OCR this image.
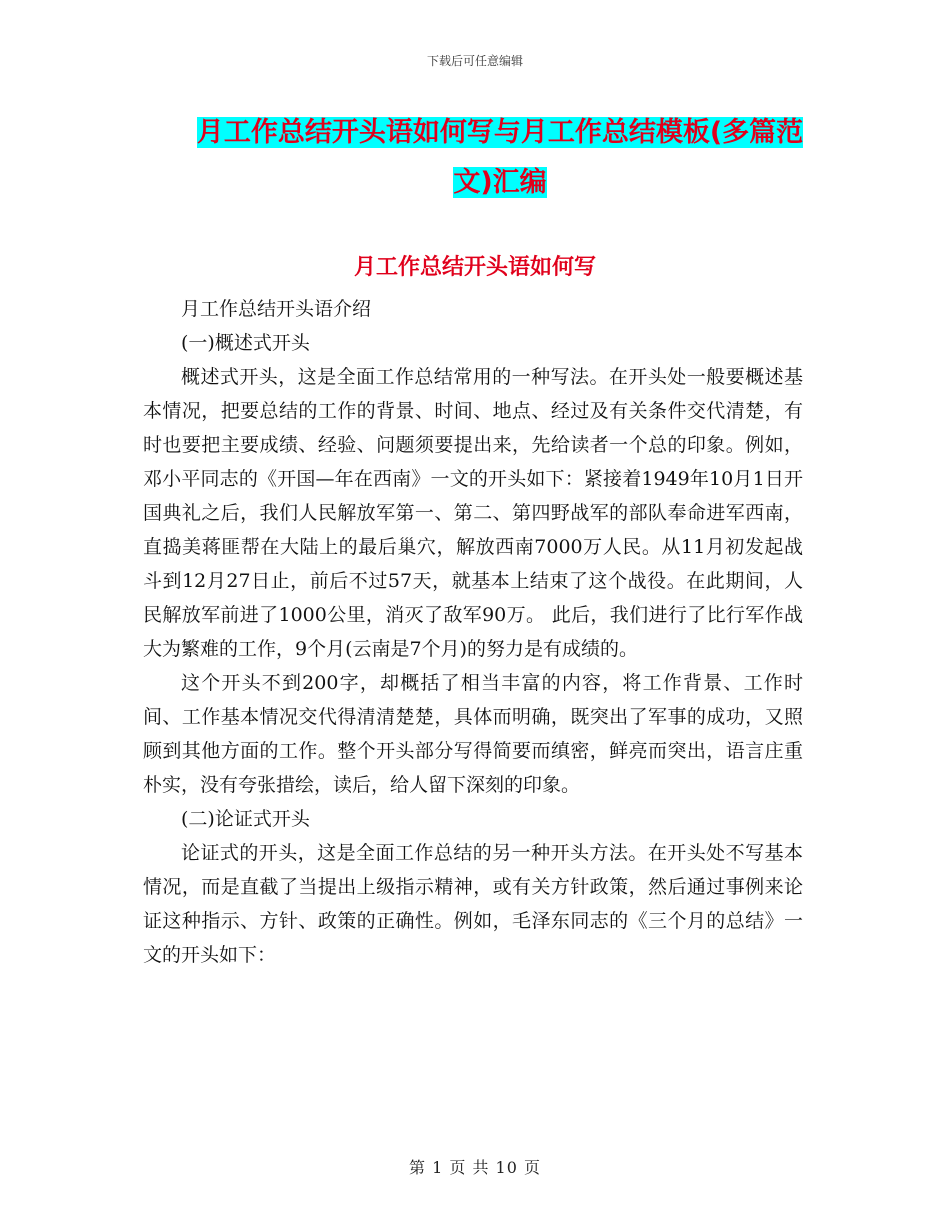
下载后可任意编辑
月工作总结开头语如何写与月工作总结模板(多篇范文)汇编
月工作总结开头语如何写

月工作总结开头语介绍

(一)概述式开头

概述式开头，这是全面工作总结常用的一种写法。在开头处一般要概述基本情况，把要总结的工作的背景、时间、地点、经过及有关条件交代清楚，有时也要把主要成绩、经验、问题须要提出来，先给读者一个总的印象。例如，邓小平同志的《开国—年在西南》一文的开头如下：紧接着1949年10月1日开国典礼之后，我们人民解放军第一、第二、第四野战军的部队奉命进军西南，直捣美蒋匪帮在大陆上的最后巢穴，解放西南7000万人民。从11月初发起战斗到12月27日止，前后不过57天，就基本上结束了这个战役。在此期间，人民解放军前进了1000公里，消灭了敌军90万。 此后，我们进行了比行军作战大为繁难的工作，9个月(云南是7个月)的努力是有成绩的。

这个开头不到200字，却概括了相当丰富的内容，将工作背景、工作时间、工作基本情况交代得清清楚楚，具体而明确，既突出了军事的成功，又照顾到其他方面的工作。整个开头部分写得简要而缜密，鲜亮而突出，语言庄重朴实，没有夸张措绘，读后，给人留下深刻的印象。

(二)论证式开头

论证式的开头，这是全面工作总结的另一种开头方法。在开头处不写基本情况，而是直截了当提出上级指示精神，或有关方针政策，然后通过事例来论证这种指示、方针、政策的正确性。例如，毛泽东同志的《三个月的总结》一文的开头如下：

第 1 页 共 10 页
